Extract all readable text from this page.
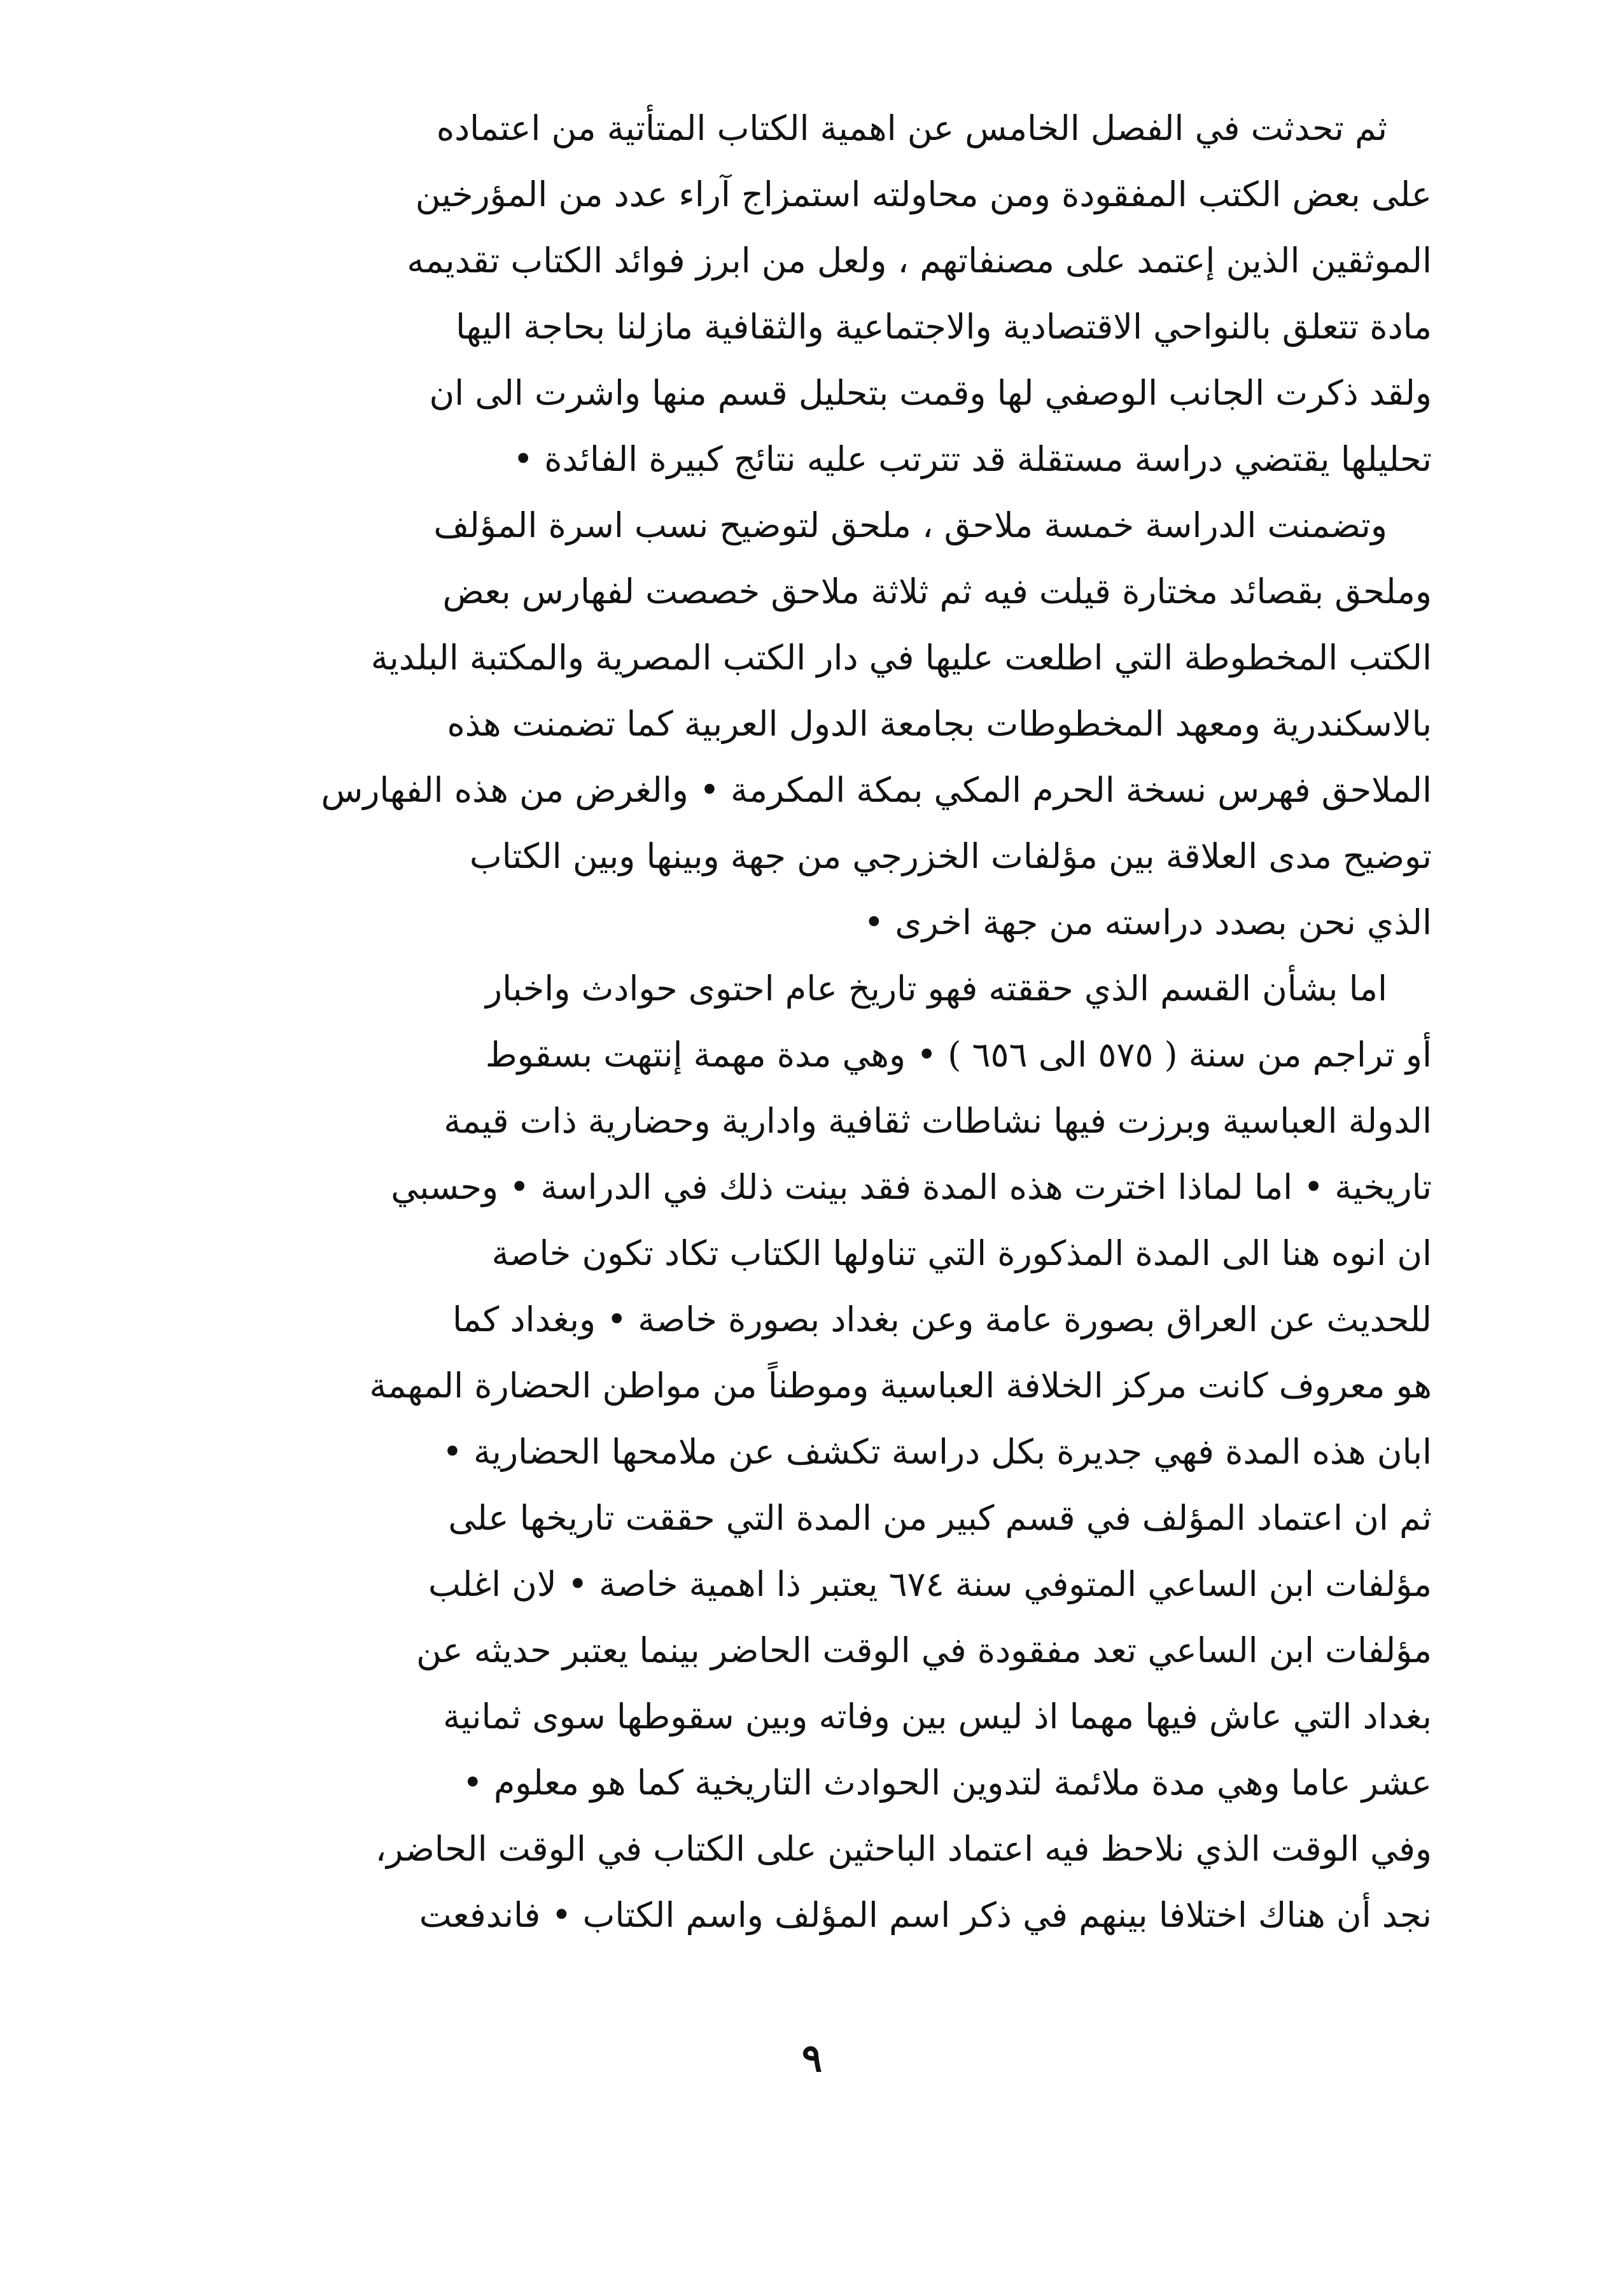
ثم تحدثت في الفصل الخامس عن اهمية الكتاب المتأتية من اعتماده
على بعض الكتب المفقودة ومن محاولته استمزاج آراء عدد من المؤرخين
الموثقين الذين إعتمد على مصنفاتهم ، ولعل من ابرز فوائد الكتاب تقديمه
مادة تتعلق بالنواحي الاقتصادية والاجتماعية والثقافية مازلنا بحاجة اليها
ولقد ذكرت الجانب الوصفي لها وقمت بتحليل قسم منها واشرت الى ان
تحليلها يقتضي دراسة مستقلة قد تترتب عليه نتائج كبيرة الفائدة •
وتضمنت الدراسة خمسة ملاحق ، ملحق لتوضيح نسب اسرة المؤلف
وملحق بقصائد مختارة قيلت فيه ثم ثلاثة ملاحق خصصت لفهارس بعض
الكتب المخطوطة التي اطلعت عليها في دار الكتب المصرية والمكتبة البلدية
بالاسكندرية ومعهد المخطوطات بجامعة الدول العربية كما تضمنت هذه
الملاحق فهرس نسخة الحرم المكي بمكة المكرمة • والغرض من هذه الفهارس
توضيح مدى العلاقة بين مؤلفات الخزرجي من جهة وبينها وبين الكتاب
الذي نحن بصدد دراسته من جهة اخرى •
اما بشأن القسم الذي حققته فهو تاريخ عام احتوى حوادث واخبار
أو تراجم من سنة ( ٥٧٥ الى ٦٥٦ ) • وهي مدة مهمة إنتهت بسقوط
الدولة العباسية وبرزت فيها نشاطات ثقافية وادارية وحضارية ذات قيمة
تاريخية • اما لماذا اخترت هذه المدة فقد بينت ذلك في الدراسة • وحسبي
ان انوه هنا الى المدة المذكورة التي تناولها الكتاب تكاد تكون خاصة
للحديث عن العراق بصورة عامة وعن بغداد بصورة خاصة • وبغداد كما
هو معروف كانت مركز الخلافة العباسية وموطناً من مواطن الحضارة المهمة
ابان هذه المدة فهي جديرة بكل دراسة تكشف عن ملامحها الحضارية •
ثم ان اعتماد المؤلف في قسم كبير من المدة التي حققت تاريخها على
مؤلفات ابن الساعي المتوفي سنة ٦٧٤ يعتبر ذا اهمية خاصة • لان اغلب
مؤلفات ابن الساعي تعد مفقودة في الوقت الحاضر بينما يعتبر حديثه عن
بغداد التي عاش فيها مهما اذ ليس بين وفاته وبين سقوطها سوى ثمانية
عشر عاما وهي مدة ملائمة لتدوين الحوادث التاريخية كما هو معلوم •
وفي الوقت الذي نلاحظ فيه اعتماد الباحثين على الكتاب في الوقت الحاضر،
نجد أن هناك اختلافا بينهم في ذكر اسم المؤلف واسم الكتاب • فاندفعت
٩
